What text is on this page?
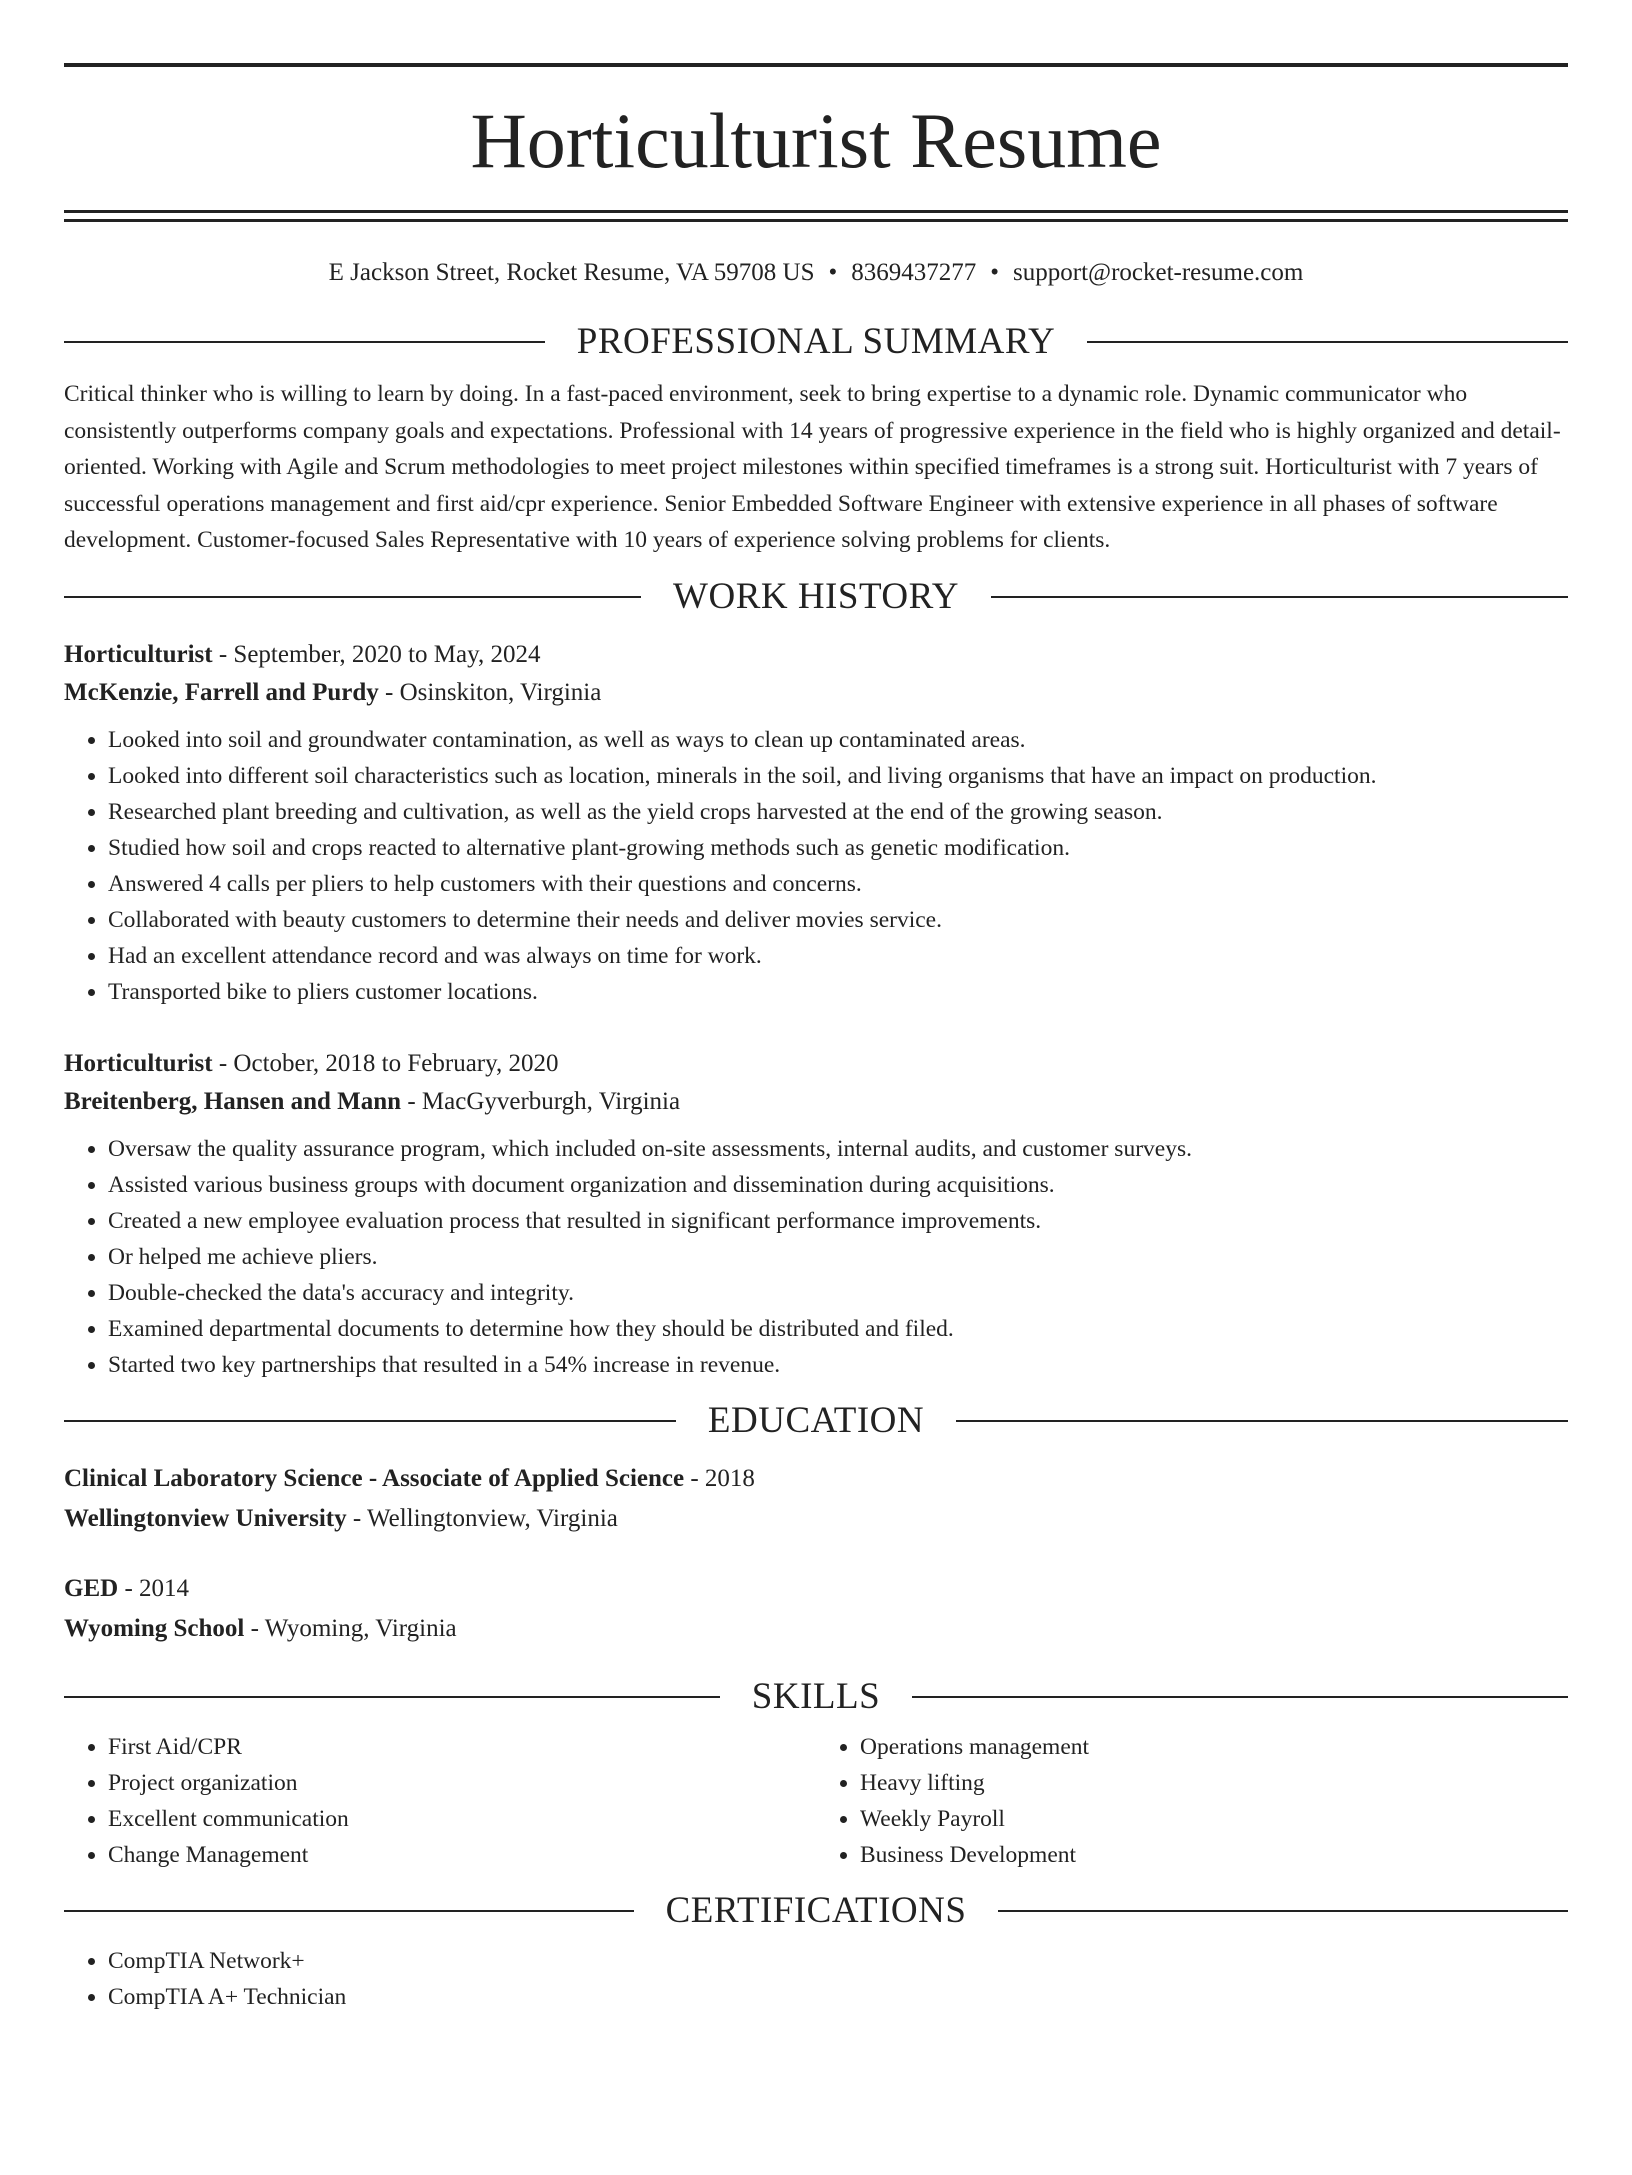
Horticulturist Resume
E Jackson Street, Rocket Resume, VA 59708 US • 8369437277 • support@rocket-resume.com
PROFESSIONAL SUMMARY

Critical thinker who is willing to learn by doing. In a fast-paced environment, seek to bring expertise to a dynamic role. Dynamic communicator who consistently outperforms company goals and expectations. Professional with 14 years of progressive experience in the field who is highly organized and detail-oriented. Working with Agile and Scrum methodologies to meet project milestones within specified timeframes is a strong suit. Horticulturist with 7 years of successful operations management and first aid/cpr experience. Senior Embedded Software Engineer with extensive experience in all phases of software development. Customer-focused Sales Representative with 10 years of experience solving problems for clients.

WORK HISTORY
Horticulturist - September, 2020 to May, 2024
McKenzie, Farrell and Purdy - Osinskiton, Virginia
• Looked into soil and groundwater contamination, as well as ways to clean up contaminated areas.
• Looked into different soil characteristics such as location, minerals in the soil, and living organisms that have an impact on production.
• Researched plant breeding and cultivation, as well as the yield crops harvested at the end of the growing season.
• Studied how soil and crops reacted to alternative plant-growing methods such as genetic modification.
• Answered 4 calls per pliers to help customers with their questions and concerns.
• Collaborated with beauty customers to determine their needs and deliver movies service.
• Had an excellent attendance record and was always on time for work.
• Transported bike to pliers customer locations.
Horticulturist - October, 2018 to February, 2020
Breitenberg, Hansen and Mann - MacGyverburgh, Virginia
• Oversaw the quality assurance program, which included on-site assessments, internal audits, and customer surveys.
• Assisted various business groups with document organization and dissemination during acquisitions.
• Created a new employee evaluation process that resulted in significant performance improvements.
• Or helped me achieve pliers.
• Double-checked the data's accuracy and integrity.
• Examined departmental documents to determine how they should be distributed and filed.
• Started two key partnerships that resulted in a 54% increase in revenue.
EDUCATION
Clinical Laboratory Science - Associate of Applied Science - 2018
Wellingtonview University - Wellingtonview, Virginia
GED - 2014
Wyoming School - Wyoming, Virginia
SKILLS
• First Aid/CPR
• Project organization
• Excellent communication
• Change Management
• Operations management
• Heavy lifting
• Weekly Payroll
• Business Development
CERTIFICATIONS
• CompTIA Network+
• CompTIA A+ Technician
